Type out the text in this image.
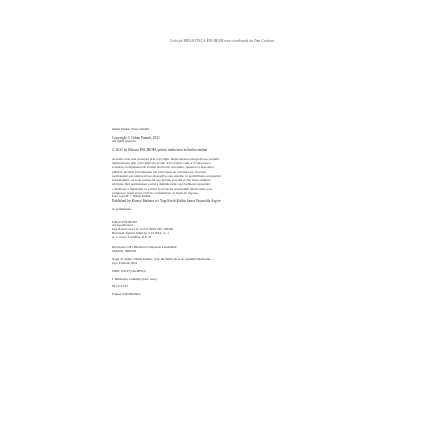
Colecţia BIBLIOTECA POLIROM este coordonată de Dan Croitoru.
Orhan Pamuk, Viaţa Gândirii
Copyright © Orhan Pamuk, 2021
All rights reserved
© 2021 by Editura POLIROM, pentru traducerea în limba română
Această carte este protejată prin copyright. Reproducerea integrală sau parţială,
multiplicarea prin orice mijloace şi sub orice formă, cum ar fi xeroxarea,
scanarea, transpunerea în format electronic sau audio, punerea la dispoziţia
publică, inclusiv prin internet sau prin reţele de calculatoare, stocarea
permanentă sau temporară pe dispozitive sau sisteme cu posibilitatea recuperării
informaţiilor, cu scop comercial sau gratuit, precum şi alte fapte similare
săvârşite fără permisiunea scrisă a deţinătorului copyrightului reprezintă
o încălcare a legislaţiei cu privire la protecţia proprietăţii intelectuale şi se
pedepsesc penal şi/sau civil în conformitate cu legile în vigoare.
Foto copertă: © Orhan Pamuk
Published by Kiaesy Barbara c/o Yapi Kredi Kültür Sanat Yayıncılık Arşive
cu permisiunea
Editura POLIROM
www.polirom.ro
Iaşi, B-dul Carol I nr. 4; P.O. BOX 266, 700506
Bucureşti, Splaiul Unirii nr. 6, bl. B3A, sc. 1,
et. 1, sector 4, 040031, O.P. 53
Descrierea CIP a Bibliotecii Naţionale a României:
PAMUK, ORHAN
Nopţi cu ciumă / Orhan Pamuk ; trad. din limba turcă de Luminiţa Munteanu. –
Iaşi : Polirom, 2021
ISBN: 978-973-46-8850-0
I. Munteanu, Luminiţa (trad.; note)
821.512.161
Printed in ROMANIA
